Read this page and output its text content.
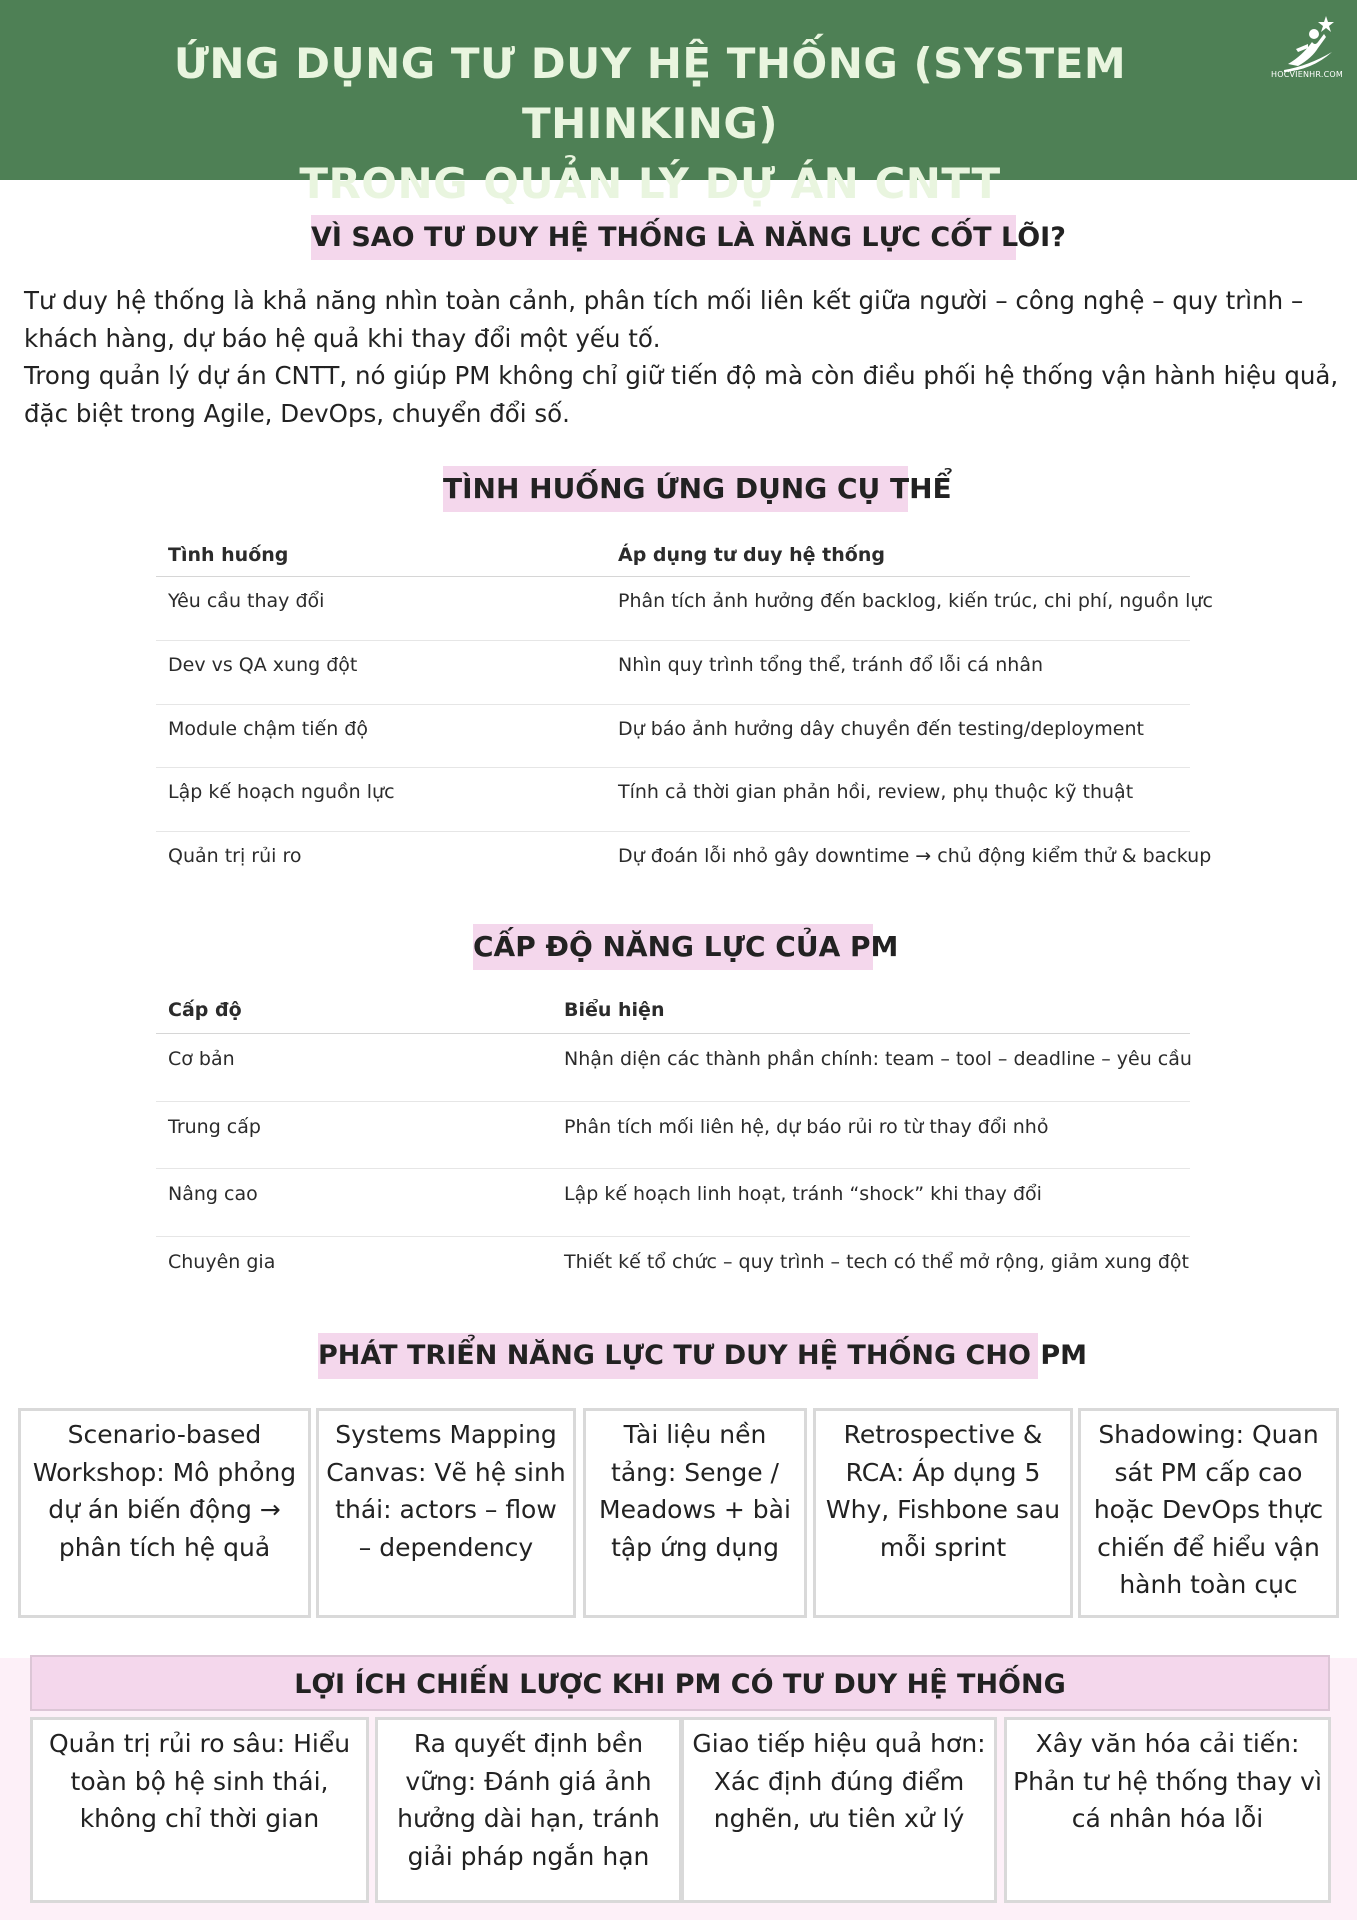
ỨNG DỤNG TƯ DUY HỆ THỐNG (SYSTEM THINKING)
TRONG QUẢN LÝ DỰ ÁN CNTT
HOCVIENHR.COM
VÌ SAO TƯ DUY HỆ THỐNG LÀ NĂNG LỰC CỐT LÕI?

Tư duy hệ thống là khả năng nhìn toàn cảnh, phân tích mối liên kết giữa người – công nghệ – quy trình – khách hàng, dự báo hệ quả khi thay đổi một yếu tố.

Trong quản lý dự án CNTT, nó giúp PM không chỉ giữ tiến độ mà còn điều phối hệ thống vận hành hiệu quả, đặc biệt trong Agile, DevOps, chuyển đổi số.

TÌNH HUỐNG ỨNG DỤNG CỤ THỂ
Tình huống	Áp dụng tư duy hệ thống
Yêu cầu thay đổi	Phân tích ảnh hưởng đến backlog, kiến trúc, chi phí, nguồn lực
Dev vs QA xung đột	Nhìn quy trình tổng thể, tránh đổ lỗi cá nhân
Module chậm tiến độ	Dự báo ảnh hưởng dây chuyền đến testing/deployment
Lập kế hoạch nguồn lực	Tính cả thời gian phản hồi, review, phụ thuộc kỹ thuật
Quản trị rủi ro	Dự đoán lỗi nhỏ gây downtime → chủ động kiểm thử & backup
CẤP ĐỘ NĂNG LỰC CỦA PM
Cấp độ	Biểu hiện
Cơ bản	Nhận diện các thành phần chính: team – tool – deadline – yêu cầu
Trung cấp	Phân tích mối liên hệ, dự báo rủi ro từ thay đổi nhỏ
Nâng cao	Lập kế hoạch linh hoạt, tránh “shock” khi thay đổi
Chuyên gia	Thiết kế tổ chức – quy trình – tech có thể mở rộng, giảm xung đột
PHÁT TRIỂN NĂNG LỰC TƯ DUY HỆ THỐNG CHO PM
Scenario-based Workshop: Mô phỏng dự án biến động → phân tích hệ quả
Systems Mapping Canvas: Vẽ hệ sinh thái: actors – flow – dependency
Tài liệu nền tảng: Senge / Meadows + bài tập ứng dụng
Retrospective & RCA: Áp dụng 5 Why, Fishbone sau mỗi sprint
Shadowing: Quan sát PM cấp cao hoặc DevOps thực chiến để hiểu vận hành toàn cục
LỢI ÍCH CHIẾN LƯỢC KHI PM CÓ TƯ DUY HỆ THỐNG
Quản trị rủi ro sâu: Hiểu toàn bộ hệ sinh thái, không chỉ thời gian
Ra quyết định bền vững: Đánh giá ảnh hưởng dài hạn, tránh giải pháp ngắn hạn
Giao tiếp hiệu quả hơn: Xác định đúng điểm nghẽn, ưu tiên xử lý
Xây văn hóa cải tiến: Phản tư hệ thống thay vì cá nhân hóa lỗi
